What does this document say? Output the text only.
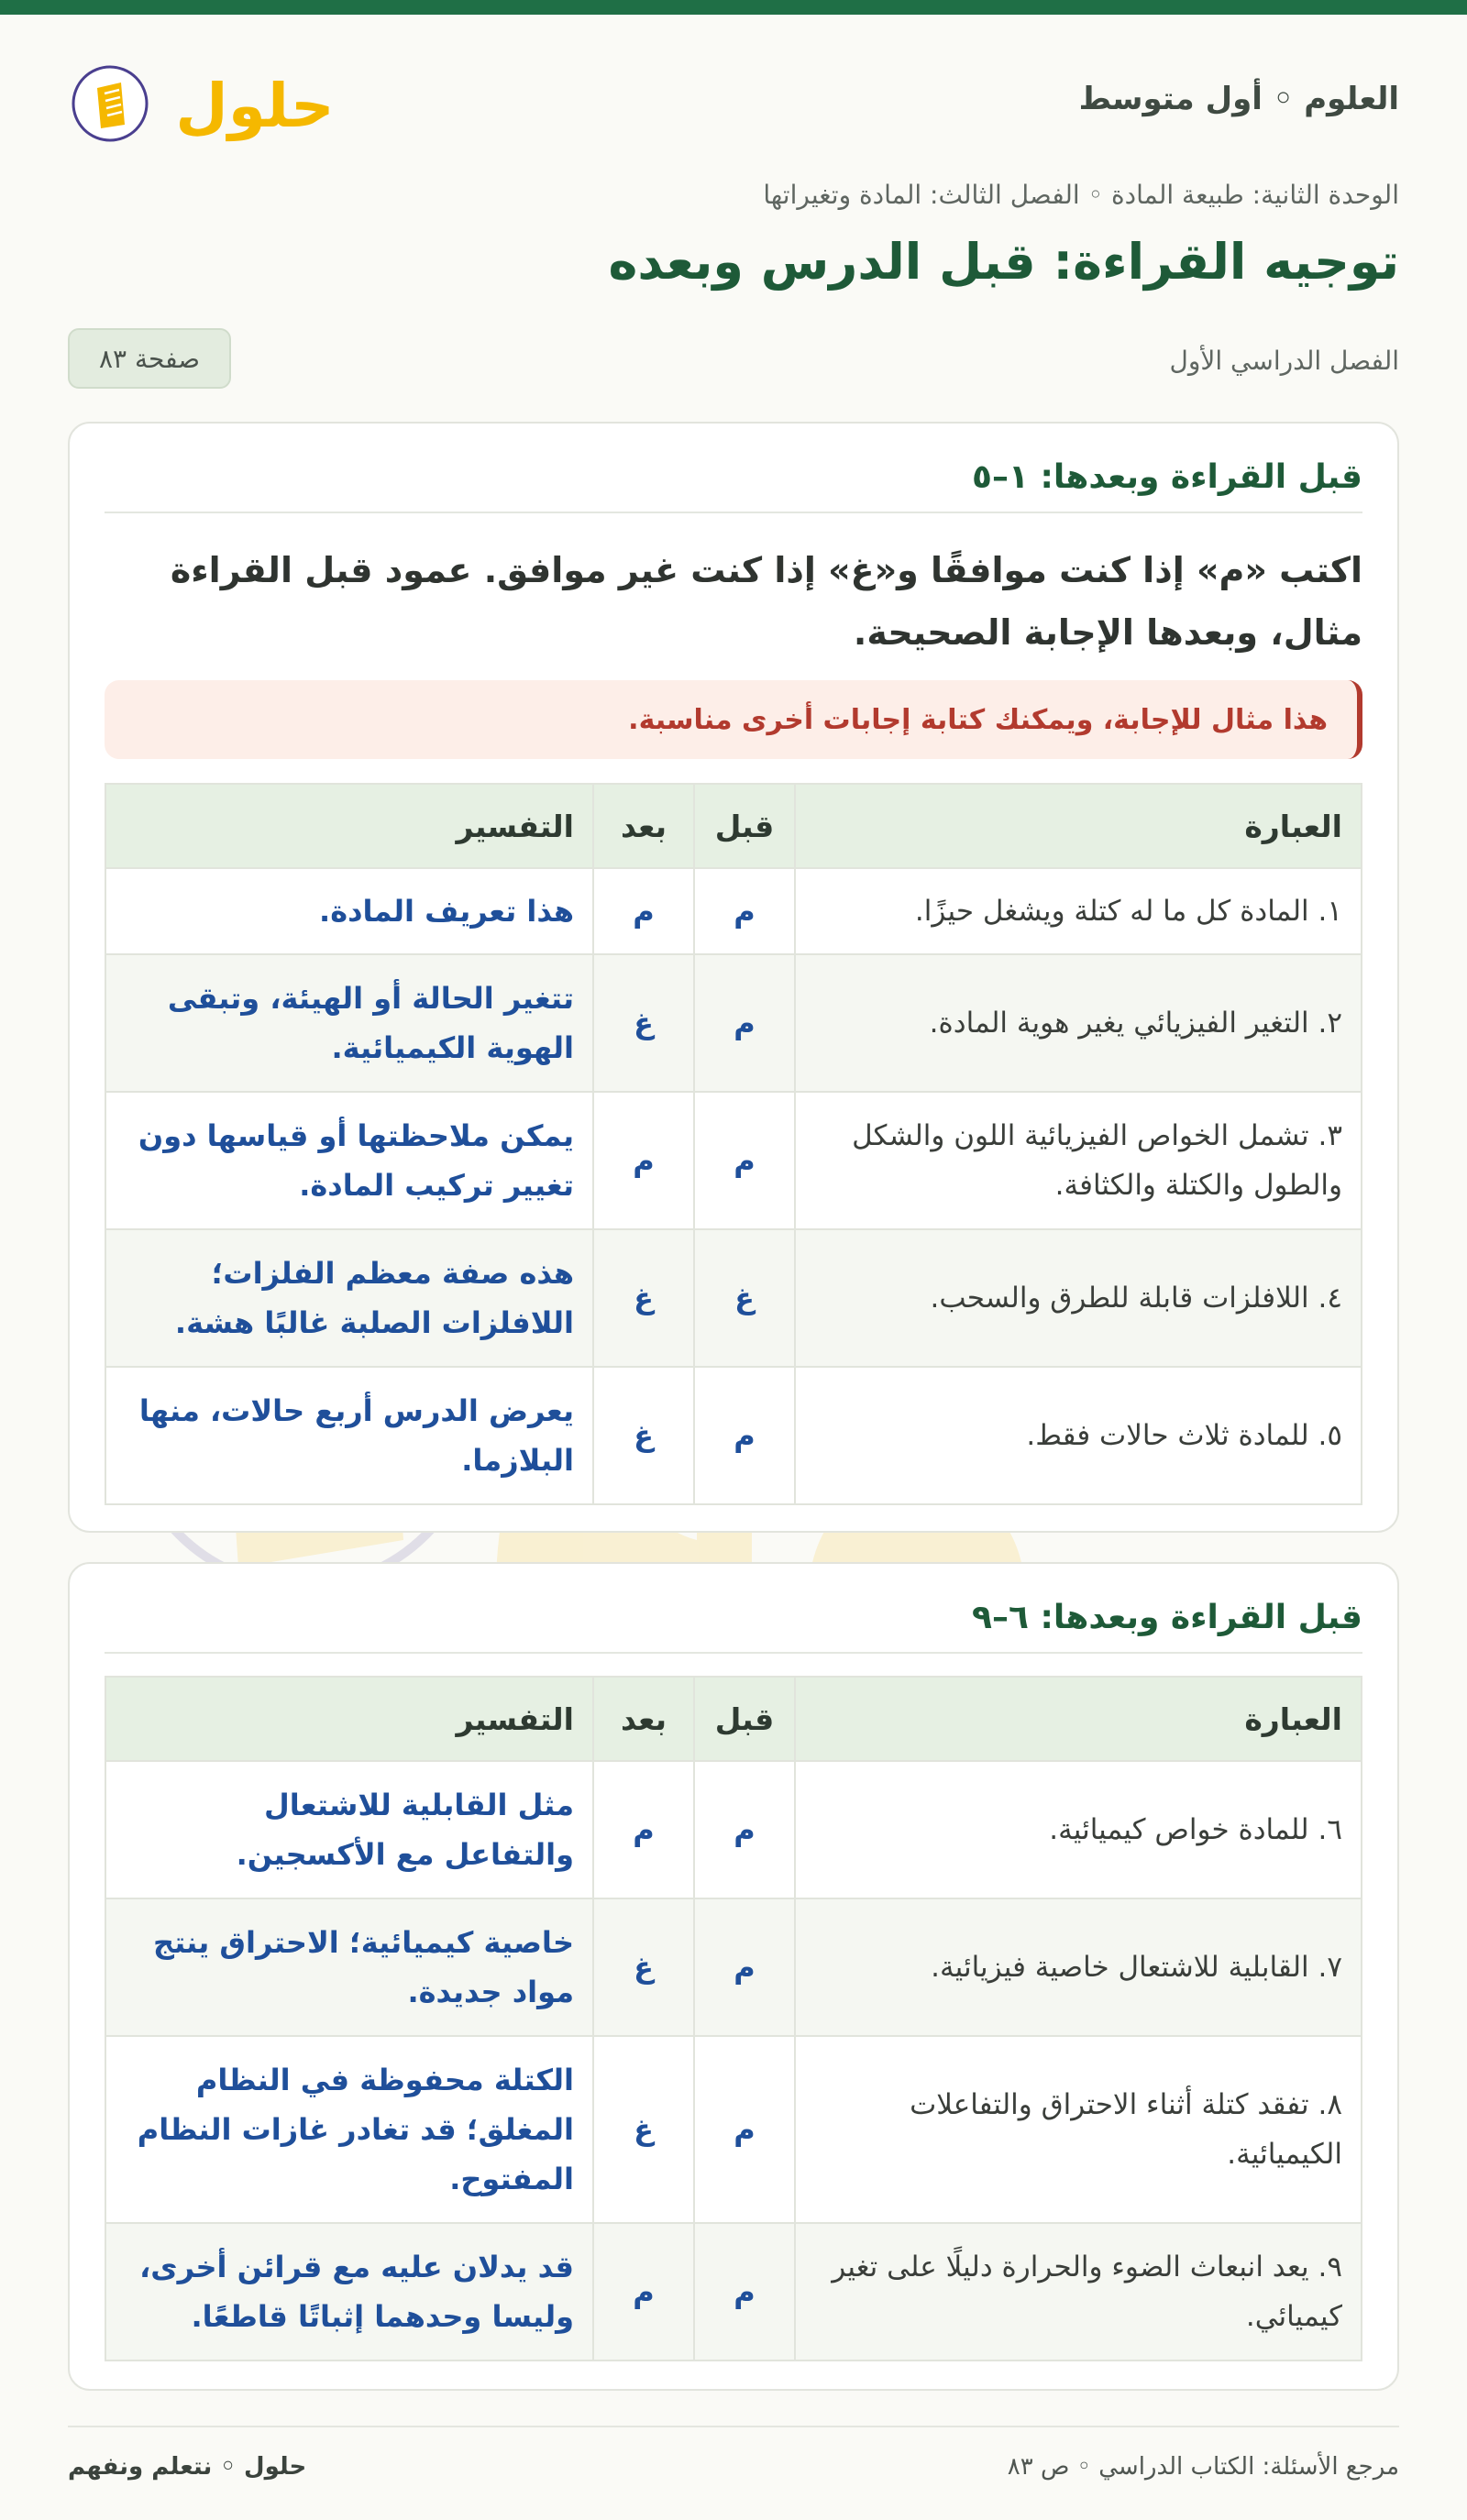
العلوم ◦ أول متوسط
حلول
الوحدة الثانية: طبيعة المادة ◦ الفصل الثالث: المادة وتغيراتها
توجيه القراءة: قبل الدرس وبعده
الفصل الدراسي الأول
صفحة ٨٣
قبل القراءة وبعدها: ١–٥
اكتب «م» إذا كنت موافقًا و«غ» إذا كنت غير موافق. عمود قبل القراءة مثال، وبعدها الإجابة الصحيحة.
هذا مثال للإجابة، ويمكنك كتابة إجابات أخرى مناسبة.
العبارة	قبل	بعد	التفسير
١. المادة كل ما له كتلة ويشغل حيزًا.	م	م	هذا تعريف المادة.
٢. التغير الفيزيائي يغير هوية المادة.	م	غ	تتغير الحالة أو الهيئة، وتبقى الهوية الكيميائية.
٣. تشمل الخواص الفيزيائية اللون والشكل والطول والكتلة والكثافة.	م	م	يمكن ملاحظتها أو قياسها دون تغيير تركيب المادة.
٤. اللافلزات قابلة للطرق والسحب.	غ	غ	هذه صفة معظم الفلزات؛ اللافلزات الصلبة غالبًا هشة.
٥. للمادة ثلاث حالات فقط.	م	غ	يعرض الدرس أربع حالات، منها البلازما.
قبل القراءة وبعدها: ٦–٩
العبارة	قبل	بعد	التفسير
٦. للمادة خواص كيميائية.	م	م	مثل القابلية للاشتعال والتفاعل مع الأكسجين.
٧. القابلية للاشتعال خاصية فيزيائية.	م	غ	خاصية كيميائية؛ الاحتراق ينتج مواد جديدة.
٨. تفقد كتلة أثناء الاحتراق والتفاعلات الكيميائية.	م	غ	الكتلة محفوظة في النظام المغلق؛ قد تغادر غازات النظام المفتوح.
٩. يعد انبعاث الضوء والحرارة دليلًا على تغير كيميائي.	م	م	قد يدلان عليه مع قرائن أخرى، وليسا وحدهما إثباتًا قاطعًا.
مرجع الأسئلة: الكتاب الدراسي ◦ ص ٨٣
حلول ◦ نتعلم ونفهم
